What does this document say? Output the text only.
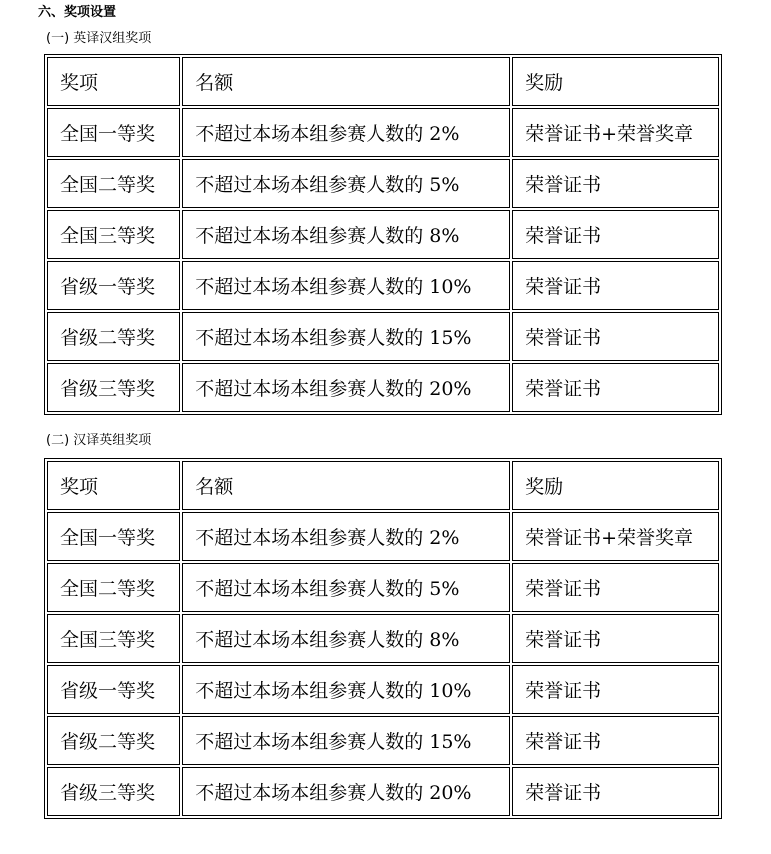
六、奖项设置
(一) 英译汉组奖项
奖项	名额	奖励
全国一等奖	不超过本场本组参赛人数的 2%	荣誉证书+荣誉奖章
全国二等奖	不超过本场本组参赛人数的 5%	荣誉证书
全国三等奖	不超过本场本组参赛人数的 8%	荣誉证书
省级一等奖	不超过本场本组参赛人数的 10%	荣誉证书
省级二等奖	不超过本场本组参赛人数的 15%	荣誉证书
省级三等奖	不超过本场本组参赛人数的 20%	荣誉证书
(二) 汉译英组奖项
奖项	名额	奖励
全国一等奖	不超过本场本组参赛人数的 2%	荣誉证书+荣誉奖章
全国二等奖	不超过本场本组参赛人数的 5%	荣誉证书
全国三等奖	不超过本场本组参赛人数的 8%	荣誉证书
省级一等奖	不超过本场本组参赛人数的 10%	荣誉证书
省级二等奖	不超过本场本组参赛人数的 15%	荣誉证书
省级三等奖	不超过本场本组参赛人数的 20%	荣誉证书
